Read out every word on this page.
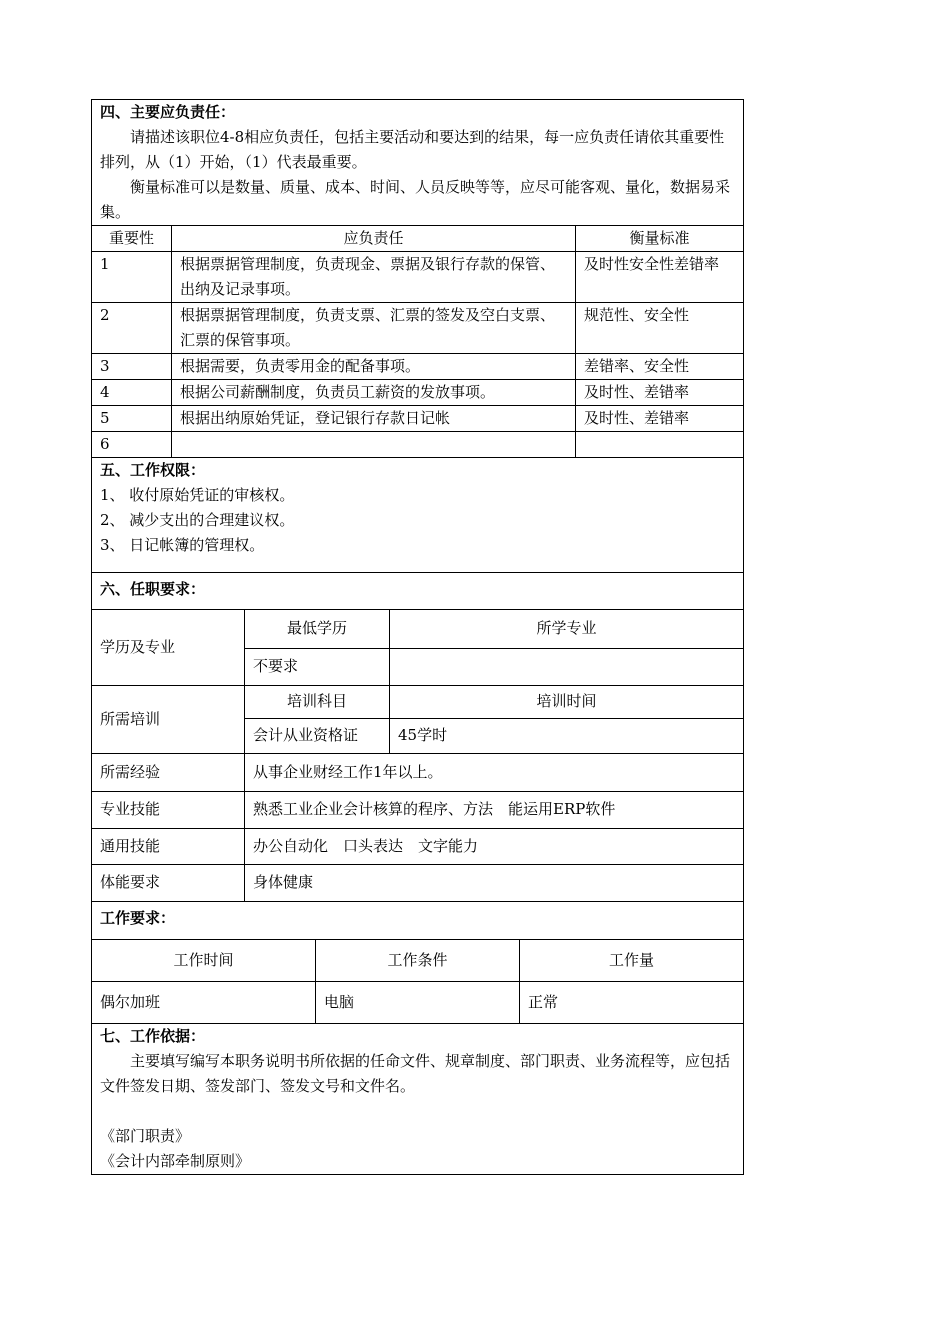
四、主要应负责任：

请描述该职位4-8相应负责任，包括主要活动和要达到的结果，每一应负责任请依其重要性排列，从（1）开始，（1）代表最重要。

衡量标准可以是数量、质量、成本、时间、人员反映等等，应尽可能客观、量化，数据易采集。

重要性	应负责任	衡量标准
1	根据票据管理制度，负责现金、票据及银行存款的保管、出纳及记录事项。	及时性安全性差错率
2	根据票据管理制度，负责支票、汇票的签发及空白支票、汇票的保管事项。	规范性、安全性
3	根据需要，负责零用金的配备事项。	差错率、安全性
4	根据公司薪酬制度，负责员工薪资的发放事项。	及时性、差错率
5	根据出纳原始凭证，登记银行存款日记帐	及时性、差错率
6		

五、工作权限：

1、 收付原始凭证的审核权。

2、 减少支出的合理建议权。

3、 日记帐簿的管理权。

六、任职要求：

学历及专业	最低学历	所学专业
	不要求	
所需培训	培训科目	培训时间
	会计从业资格证	45学时
所需经验	从事企业财经工作1年以上。	
专业技能	熟悉工业企业会计核算的程序、方法　能运用ERP软件	
通用技能	办公自动化　口头表达　文字能力	
体能要求	身体健康	

工作要求：

工作时间	工作条件	工作量
偶尔加班	电脑	正常

七、工作依据：

主要填写编写本职务说明书所依据的任命文件、规章制度、部门职责、业务流程等，应包括文件签发日期、签发部门、签发文号和文件名。

《部门职责》

《会计内部牵制原则》
